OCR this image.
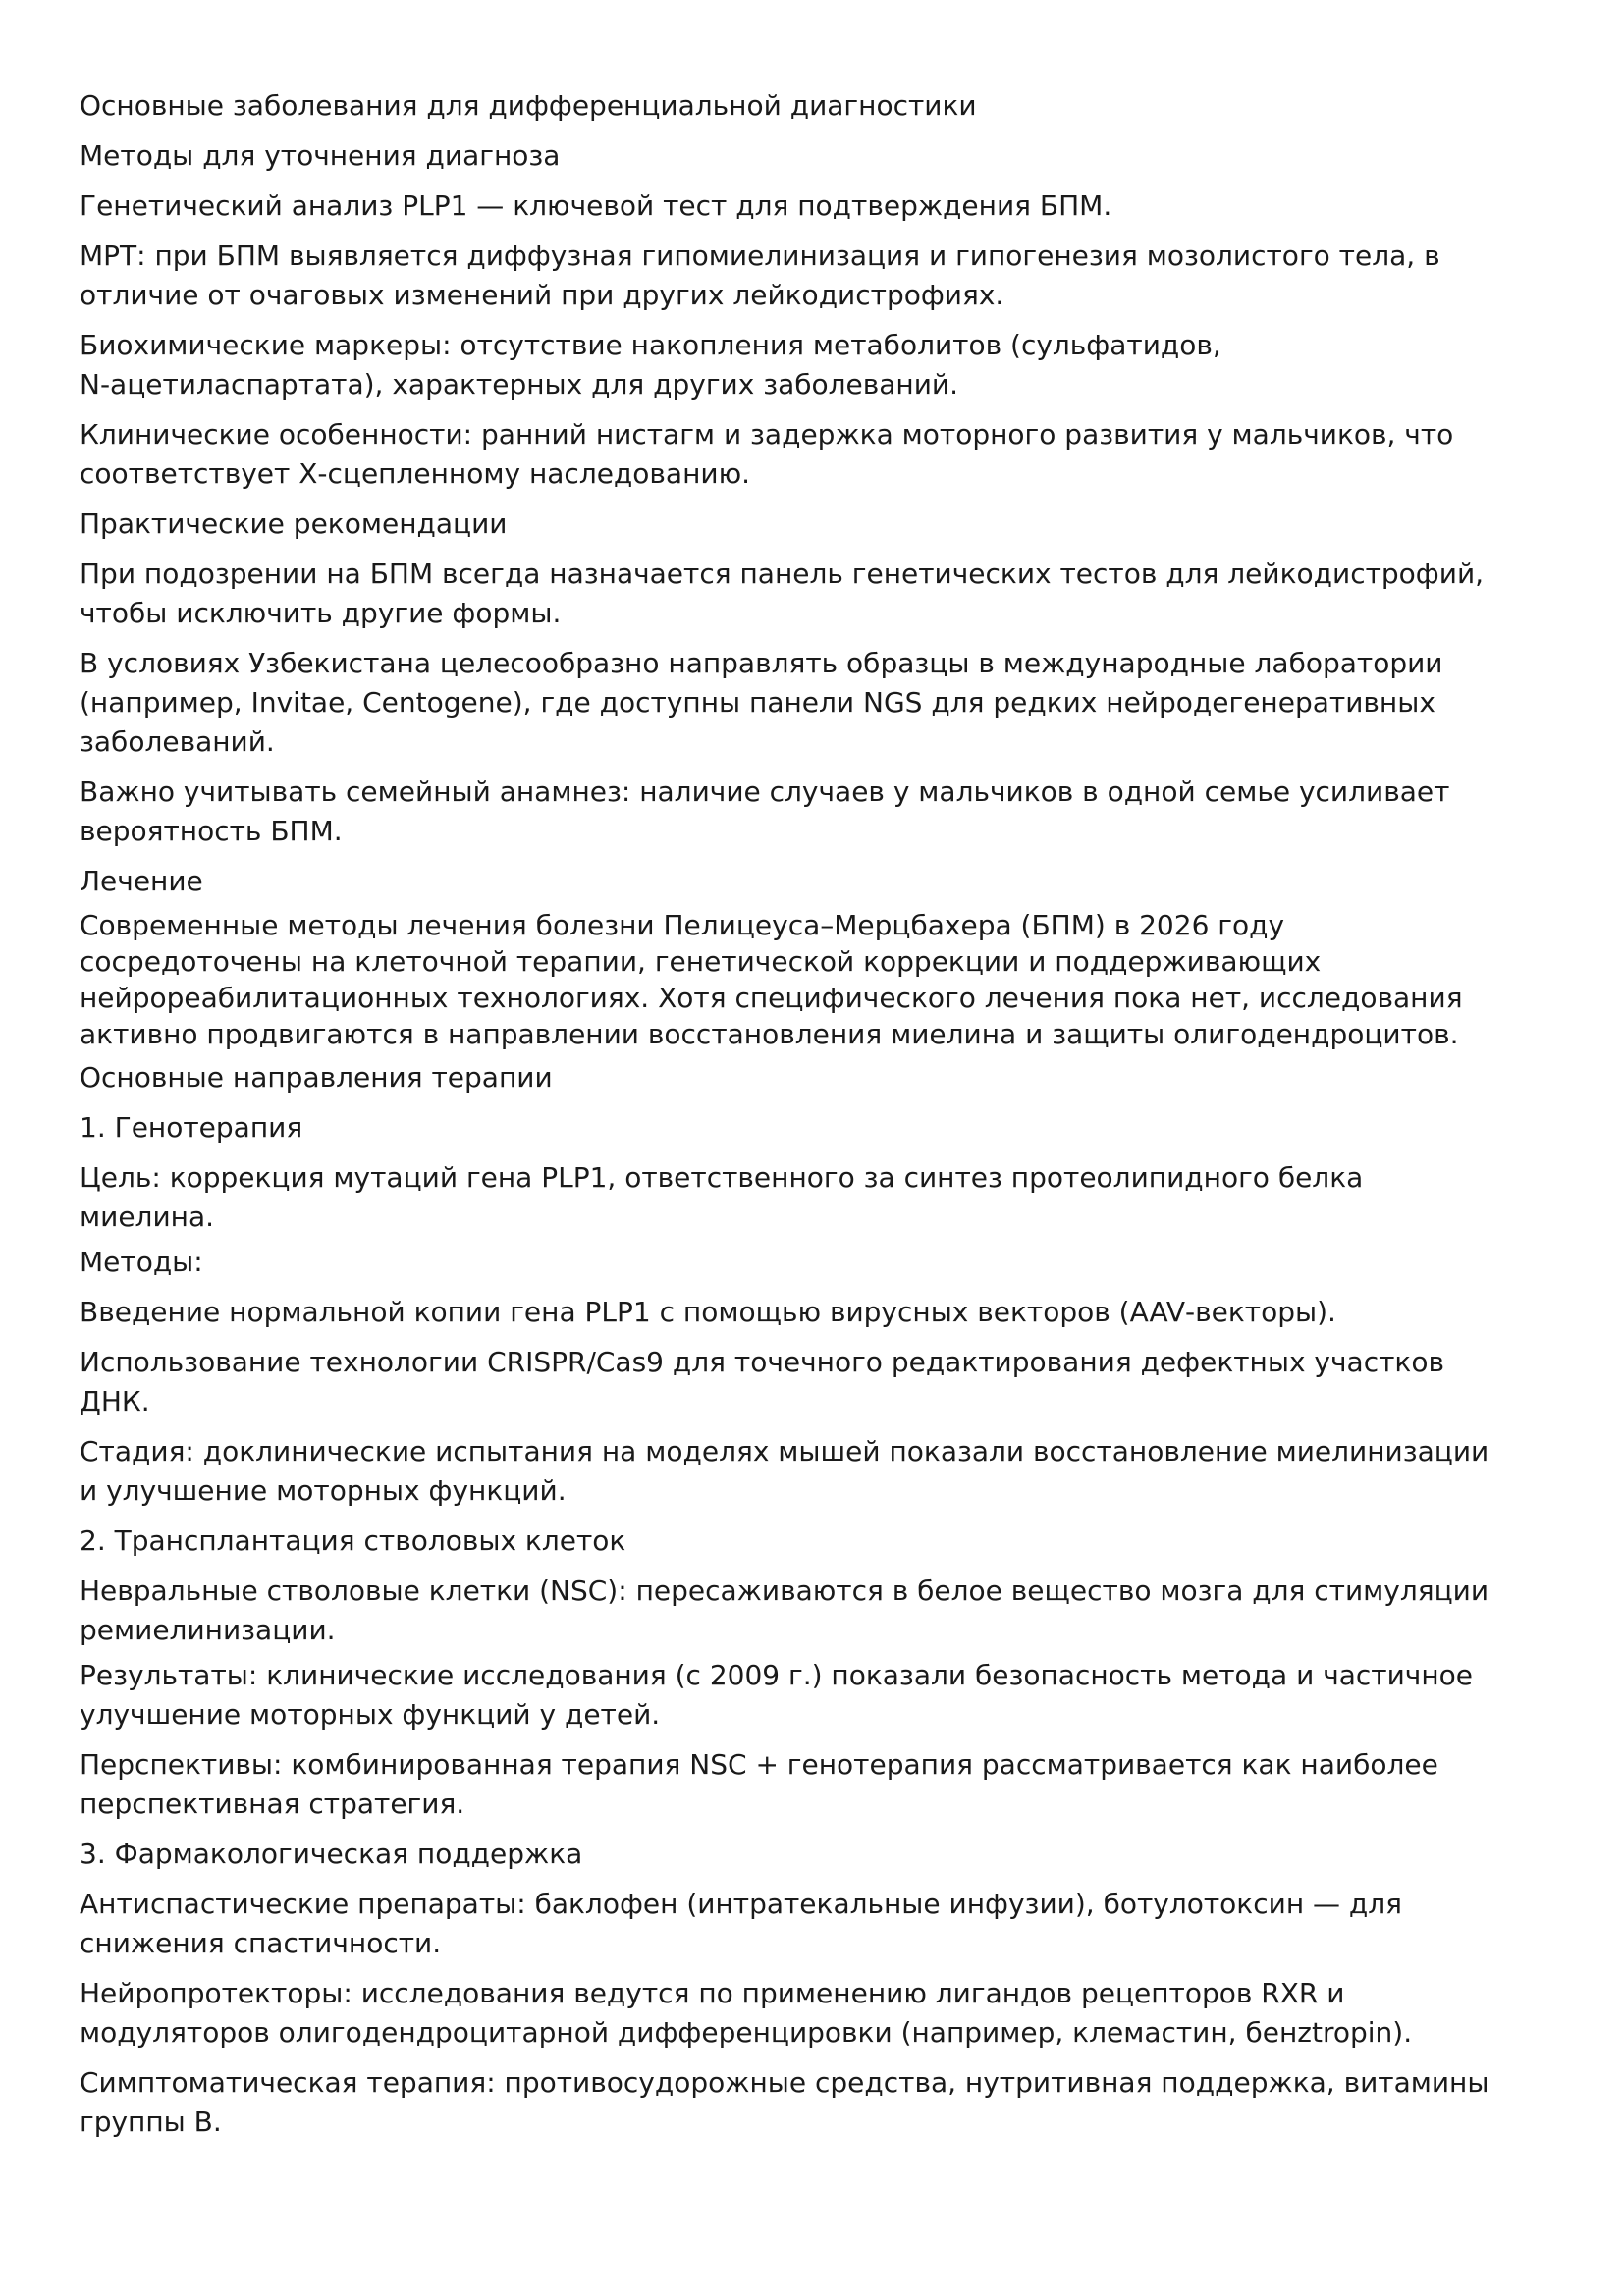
Основные заболевания для дифференциальной диагностики

Методы для уточнения диагноза

Генетический анализ PLP1 — ключевой тест для подтверждения БПМ.

МРТ: при БПМ выявляется диффузная гипомиелинизация и гипогенезия мозолистого тела, в отличие от очаговых изменений при других лейкодистрофиях.

Биохимические маркеры: отсутствие накопления метаболитов (сульфатидов, N‑ацетиласпартата), характерных для других заболеваний.

Клинические особенности: ранний нистагм и задержка моторного развития у мальчиков, что соответствует X‑сцепленному наследованию.

Практические рекомендации

При подозрении на БПМ всегда назначается панель генетических тестов для лейкодистрофий, чтобы исключить другие формы.

В условиях Узбекистана целесообразно направлять образцы в международные лаборатории (например, Invitae, Centogene), где доступны панели NGS для редких нейродегенеративных заболеваний.

Важно учитывать семейный анамнез: наличие случаев у мальчиков в одной семье усиливает вероятность БПМ.

Лечение

Современные методы лечения болезни Пелицеуса–Мерцбахера (БПМ) в 2026 году сосредоточены на клеточной терапии, генетической коррекции и поддерживающих нейрореабилитационных технологиях. Хотя специфического лечения пока нет, исследования активно продвигаются в направлении восстановления миелина и защиты олигодендроцитов.

Основные направления терапии

1. Генотерапия

Цель: коррекция мутаций гена PLP1, ответственного за синтез протеолипидного белка миелина.

Методы:

Введение нормальной копии гена PLP1 с помощью вирусных векторов (AAV‑векторы).

Использование технологии CRISPR/Cas9 для точечного редактирования дефектных участков ДНК.

Стадия: доклинические испытания на моделях мышей показали восстановление миелинизации и улучшение моторных функций.

2. Трансплантация стволовых клеток

Невральные стволовые клетки (NSC): пересаживаются в белое вещество мозга для стимуляции ремиелинизации.

Результаты: клинические исследования (с 2009 г.) показали безопасность метода и частичное улучшение моторных функций у детей.

Перспективы: комбинированная терапия NSC + генотерапия рассматривается как наиболее перспективная стратегия.

3. Фармакологическая поддержка

Антиспастические препараты: баклофен (интратекальные инфузии), ботулотоксин — для снижения спастичности.

Нейропротекторы: исследования ведутся по применению лигандов рецепторов RXR и модуляторов олигодендроцитарной дифференцировки (например, клемастин, бенztropin).

Симптоматическая терапия: противосудорожные средства, нутритивная поддержка, витамины группы B.
